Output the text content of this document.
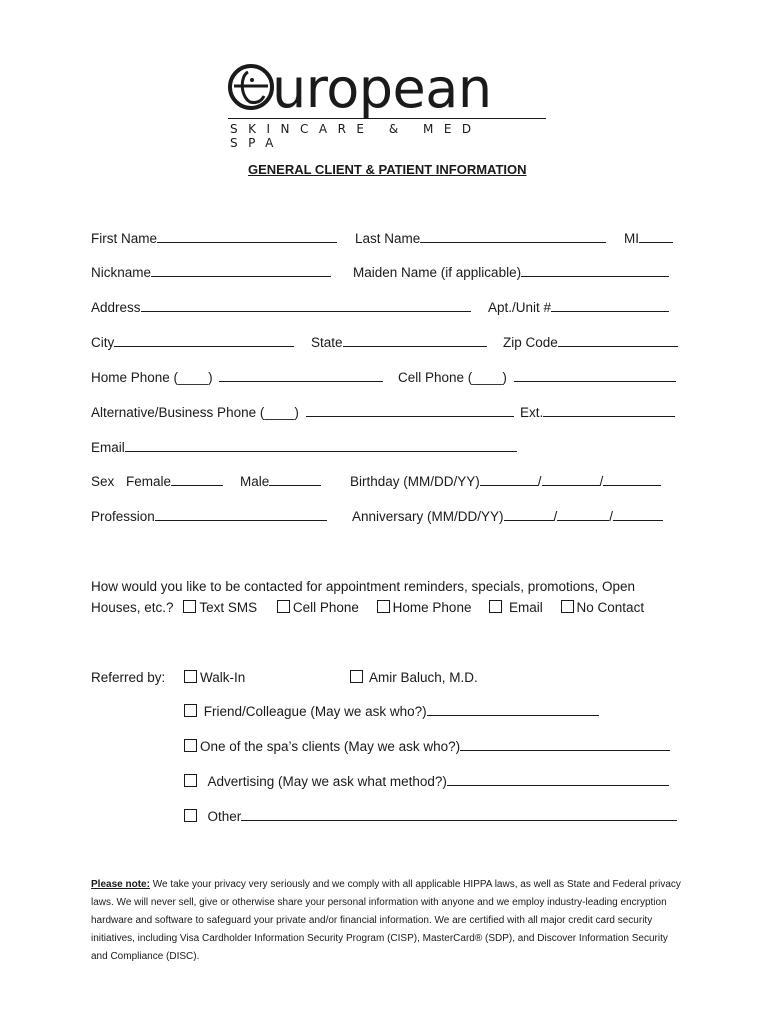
uropean
SKINCARE & MED SPA
GENERAL CLIENT & PATIENT INFORMATION
First Name	Last Name	MI
Nickname	Maiden Name (if applicable)
Address	Apt./Unit #
City	State	Zip Code
Home Phone (____)	Cell Phone (____)
Alternative/Business Phone (____)	Ext.
Email
Sex Female	Male	Birthday (MM/DD/YY)	/	/
Profession	Anniversary (MM/DD/YY)	/	/
How would you like to be contacted for appointment reminders, specials, promotions, Open
Houses, etc.? Text SMS	Cell Phone	Home Phone	Email	No Contact
Referred by:	Walk-In	Amir Baluch, M.D.
Friend/Colleague (May we ask who?)
One of the spa’s clients (May we ask who?)
Advertising (May we ask what method?)
Other
Please note: We take your privacy very seriously and we comply with all applicable HIPPA laws, as well as State and Federal privacy laws. We will never sell, give or otherwise share your personal information with anyone and we employ industry-leading encryption hardware and software to safeguard your private and/or financial information. We are certified with all major credit card security initiatives, including Visa Cardholder Information Security Program (CISP), MasterCard® (SDP), and Discover Information Security and Compliance (DISC).
